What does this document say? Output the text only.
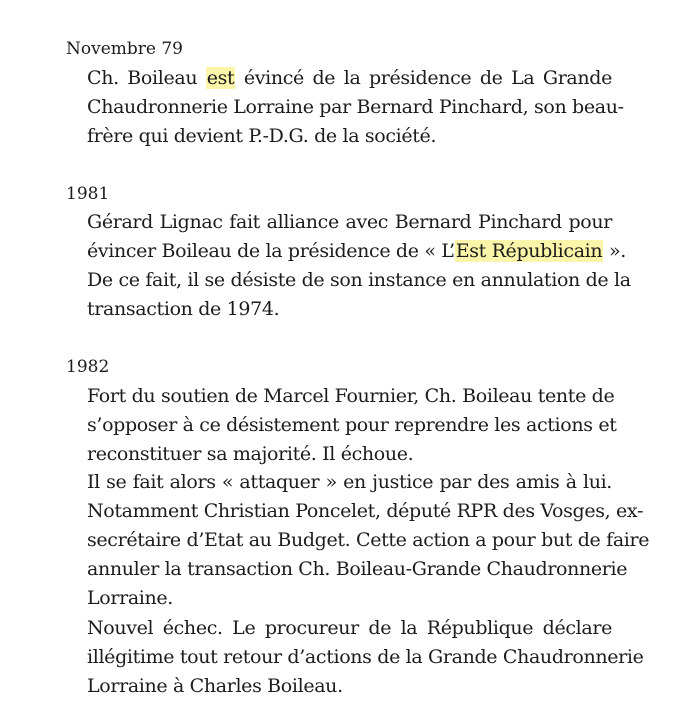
Novembre 79
Ch. Boileau est évincé de la présidence de La Grande
Chaudronnerie Lorraine par Bernard Pinchard, son beau-
frère qui devient P.-D.G. de la société.
1981
Gérard Lignac fait alliance avec Bernard Pinchard pour
évincer Boileau de la présidence de « L’Est Républicain ».
De ce fait, il se désiste de son instance en annulation de la
transaction de 1974.
1982
Fort du soutien de Marcel Fournier, Ch. Boileau tente de
s’opposer à ce désistement pour reprendre les actions et
reconstituer sa majorité. Il échoue.
Il se fait alors « attaquer » en justice par des amis à lui.
Notamment Christian Poncelet, député RPR des Vosges, ex-
secrétaire d’Etat au Budget. Cette action a pour but de faire
annuler la transaction Ch. Boileau-Grande Chaudronnerie
Lorraine.
Nouvel échec. Le procureur de la République déclare
illégitime tout retour d’actions de la Grande Chaudronnerie
Lorraine à Charles Boileau.
